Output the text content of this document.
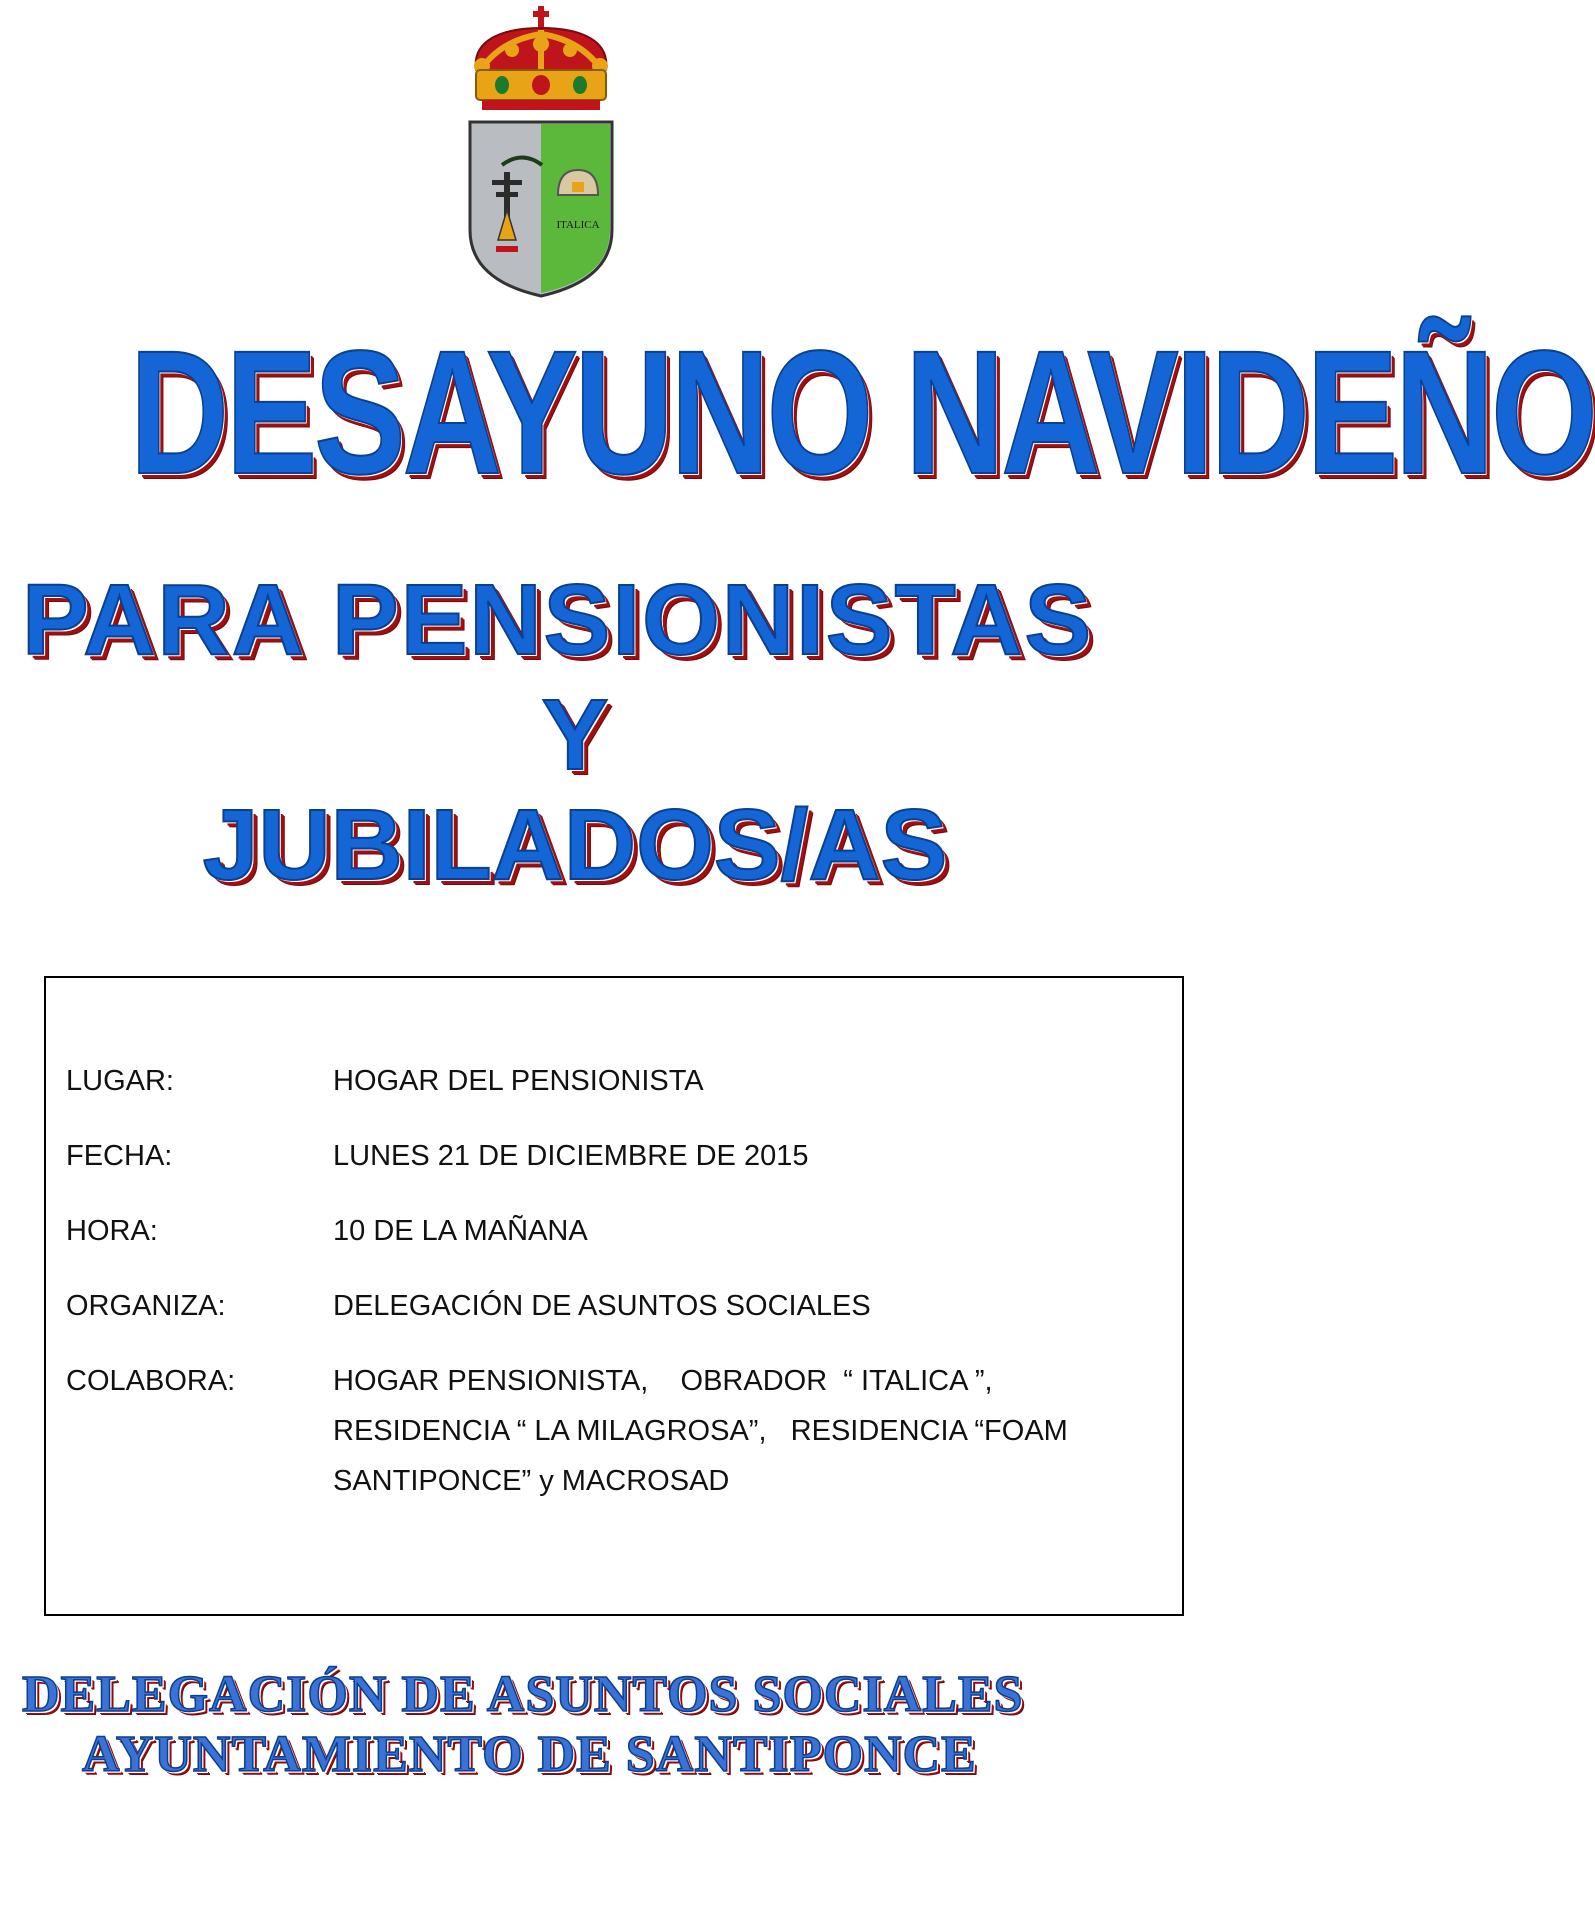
ITALICA
DESAYUNO NAVIDEÑO
PARA PENSIONISTAS
Y
JUBILADOS/AS
LUGAR:	HOGAR DEL PENSIONISTA
FECHA:	LUNES 21 DE DICIEMBRE DE 2015
HORA:	10 DE LA MAÑANA
ORGANIZA:	DELEGACIÓN DE ASUNTOS SOCIALES
COLABORA:	HOGAR PENSIONISTA,    OBRADOR  “ ITALICA ”,
RESIDENCIA “ LA MILAGROSA”,   RESIDENCIA “FOAM
SANTIPONCE” y MACROSAD
DELEGACIÓN DE ASUNTOS SOCIALES
AYUNTAMIENTO DE SANTIPONCE
